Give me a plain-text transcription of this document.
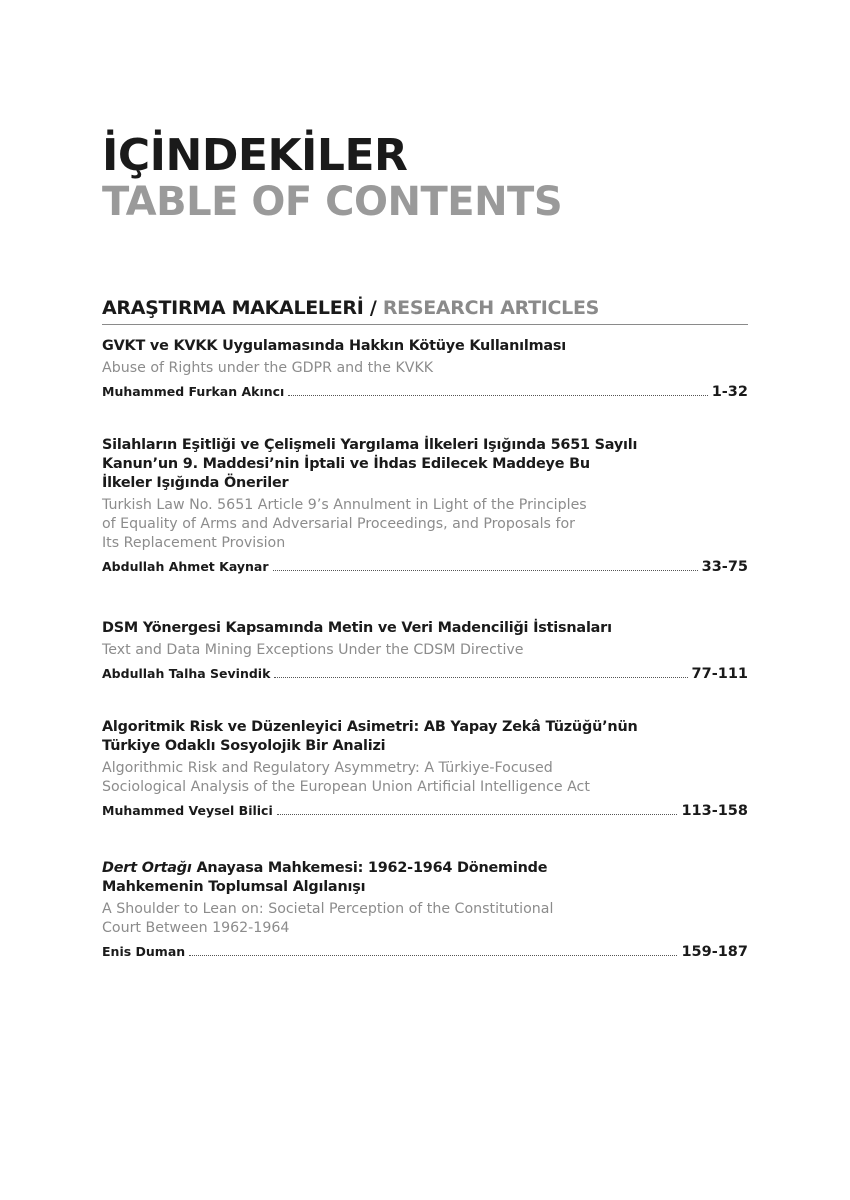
İÇİNDEKİLER
TABLE OF CONTENTS
ARAŞTIRMA MAKALELERİ / RESEARCH ARTICLES
GVKT ve KVKK Uygulamasında Hakkın Kötüye Kullanılması
Abuse of Rights under the GDPR and the KVKK
Muhammed Furkan Akıncı	1-32
Silahların Eşitliği ve Çelişmeli Yargılama İlkeleri Işığında 5651 Sayılı
Kanun’un 9. Maddesi’nin İptali ve İhdas Edilecek Maddeye Bu
İlkeler Işığında Öneriler
Turkish Law No. 5651 Article 9’s Annulment in Light of the Principles
of Equality of Arms and Adversarial Proceedings, and Proposals for
Its Replacement Provision
Abdullah Ahmet Kaynar	33-75
DSM Yönergesi Kapsamında Metin ve Veri Madenciliği İstisnaları
Text and Data Mining Exceptions Under the CDSM Directive
Abdullah Talha Sevindik	77-111
Algoritmik Risk ve Düzenleyici Asimetri: AB Yapay Zekâ Tüzüğü’nün
Türkiye Odaklı Sosyolojik Bir Analizi
Algorithmic Risk and Regulatory Asymmetry: A Türkiye-Focused
Sociological Analysis of the European Union Artificial Intelligence Act
Muhammed Veysel Bilici	113-158
Dert Ortağı Anayasa Mahkemesi: 1962-1964 Döneminde
Mahkemenin Toplumsal Algılanışı
A Shoulder to Lean on: Societal Perception of the Constitutional
Court Between 1962-1964
Enis Duman	159-187
